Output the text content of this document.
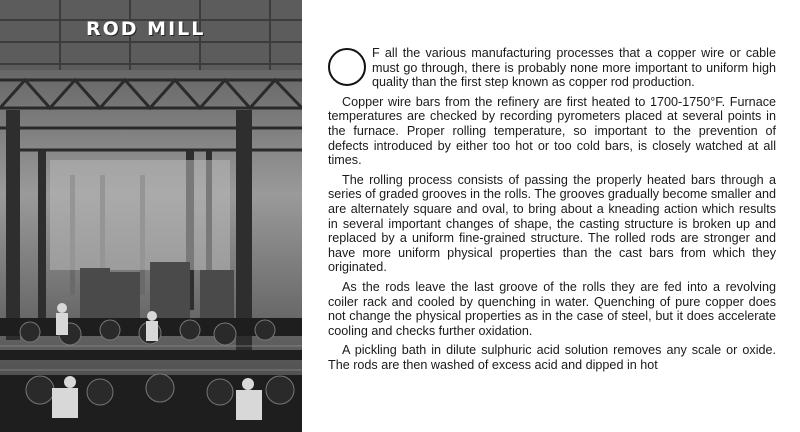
ROD MILL

F all the various manufacturing processes that a copper wire or cable must go through, there is probably none more important to uniform high quality than the first step known as copper rod production.

Copper wire bars from the refinery are first heated to 1700-1750°F. Furnace temperatures are checked by recording pyrometers placed at several points in the furnace. Proper rolling temperature, so important to the prevention of defects introduced by either too hot or too cold bars, is closely watched at all times.

The rolling process consists of passing the properly heated bars through a series of graded grooves in the rolls. The grooves gradually become smaller and are alternately square and oval, to bring about a kneading action which results in several important changes of shape, the casting structure is broken up and replaced by a uniform fine-grained structure. The rolled rods are stronger and have more uniform physical properties than the cast bars from which they originated.

As the rods leave the last groove of the rolls they are fed into a revolving coiler rack and cooled by quenching in water. Quenching of pure copper does not change the physical properties as in the case of steel, but it does accelerate cooling and checks further oxidation.

A pickling bath in dilute sulphuric acid solution removes any scale or oxide. The rods are then washed of excess acid and dipped in hot
